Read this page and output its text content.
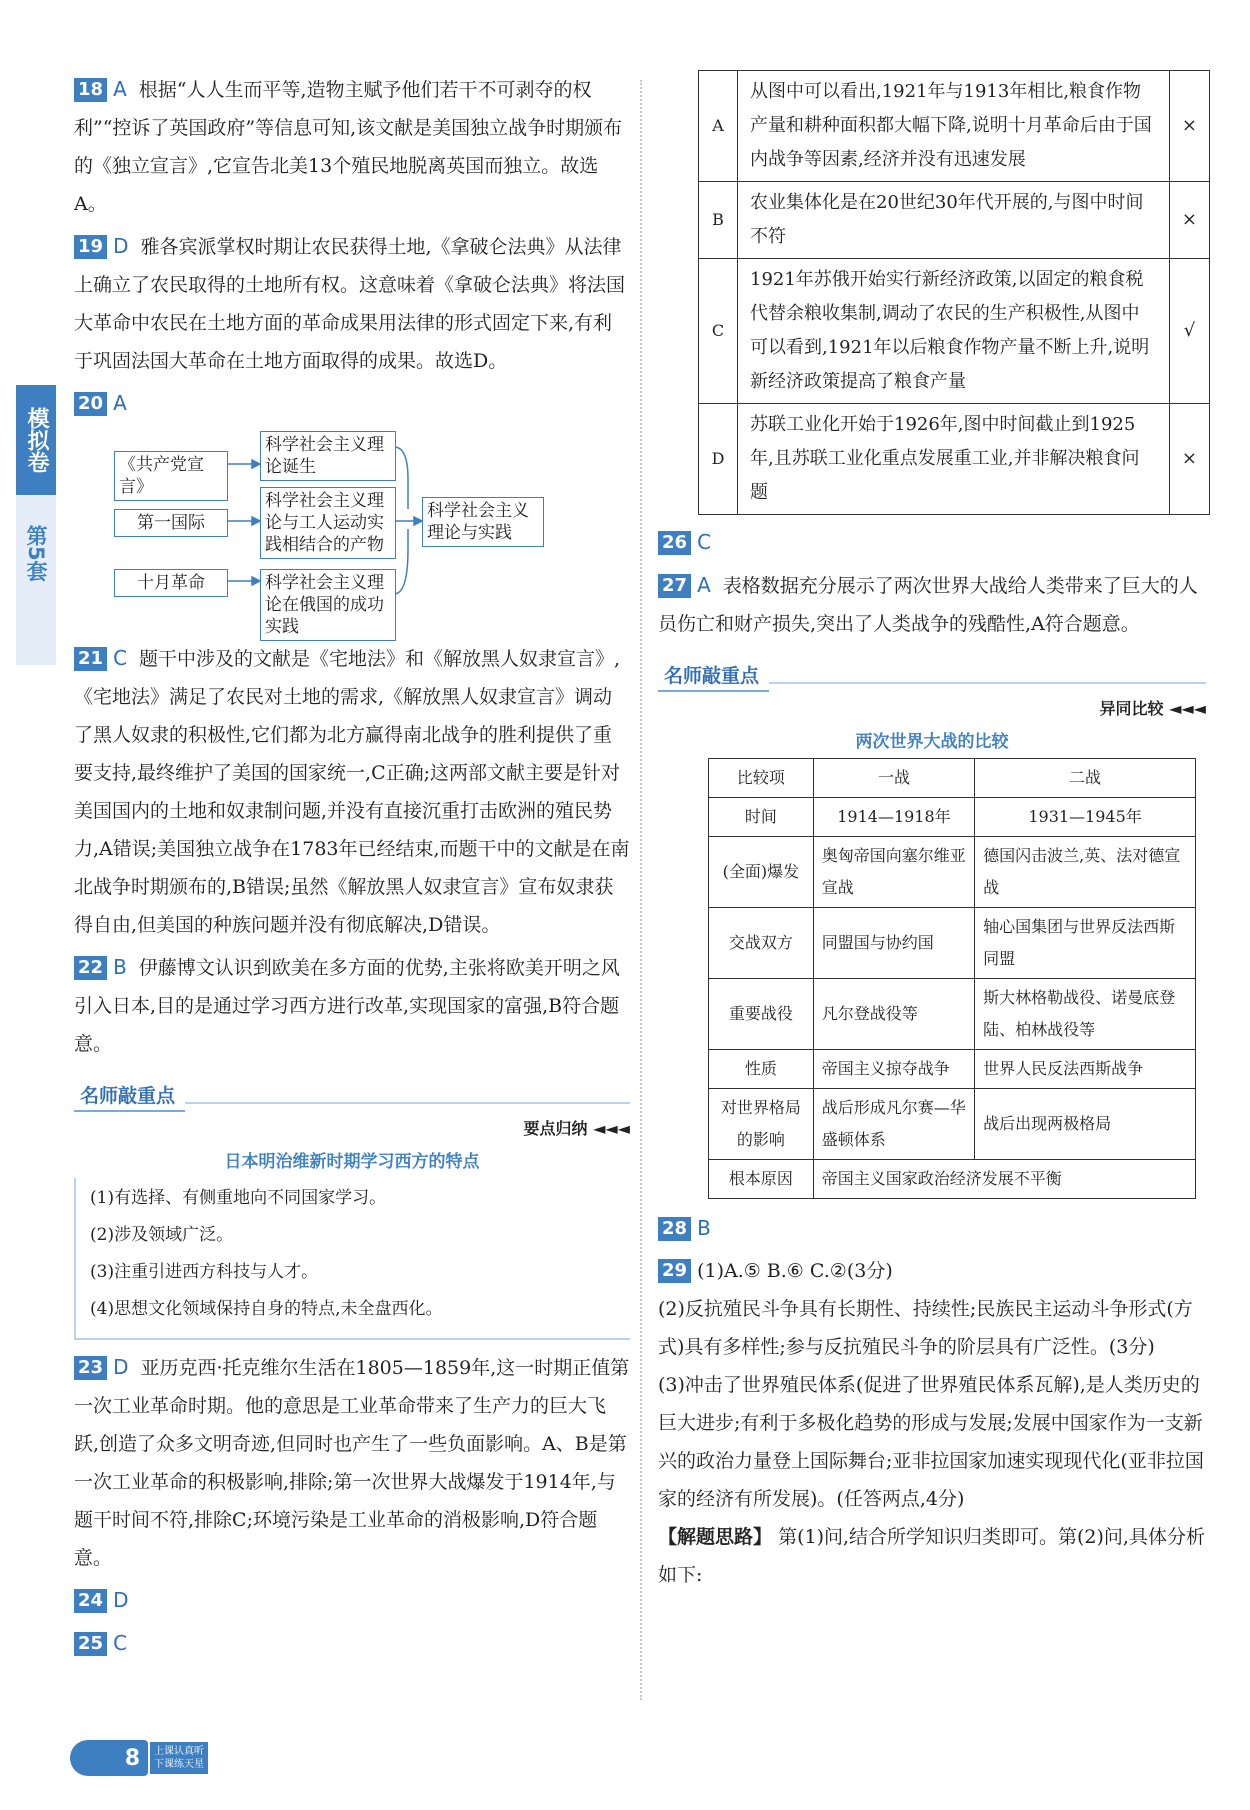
模拟卷
第5套
18 A 根据“人人生而平等,造物主赋予他们若干不可剥夺的权利”“控诉了英国政府”等信息可知,该文献是美国独立战争时期颁布的《独立宣言》,它宣告北美13个殖民地脱离英国而独立。故选A。
19 D 雅各宾派掌权时期让农民获得土地,《拿破仑法典》从法律上确立了农民取得的土地所有权。这意味着《拿破仑法典》将法国大革命中农民在土地方面的革命成果用法律的形式固定下来,有利于巩固法国大革命在土地方面取得的成果。故选D。
20 A
《共产党宣言》
第一国际
十月革命
科学社会主义理论诞生
科学社会主义理论与工人运动实践相结合的产物
科学社会主义理论在俄国的成功实践
科学社会主义理论与实践
21 C 题干中涉及的文献是《宅地法》和《解放黑人奴隶宣言》,《宅地法》满足了农民对土地的需求,《解放黑人奴隶宣言》调动了黑人奴隶的积极性,它们都为北方赢得南北战争的胜利提供了重要支持,最终维护了美国的国家统一,C正确;这两部文献主要是针对美国国内的土地和奴隶制问题,并没有直接沉重打击欧洲的殖民势力,A错误;美国独立战争在1783年已经结束,而题干中的文献是在南北战争时期颁布的,B错误;虽然《解放黑人奴隶宣言》宣布奴隶获得自由,但美国的种族问题并没有彻底解决,D错误。
22 B 伊藤博文认识到欧美在多方面的优势,主张将欧美开明之风引入日本,目的是通过学习西方进行改革,实现国家的富强,B符合题意。
名师敲重点
要点归纳 ◄◄◄
日本明治维新时期学习西方的特点
(1)有选择、有侧重地向不同国家学习。
(2)涉及领域广泛。
(3)注重引进西方科技与人才。
(4)思想文化领域保持自身的特点,未全盘西化。
23 D 亚历克西·托克维尔生活在1805—1859年,这一时期正值第一次工业革命时期。他的意思是工业革命带来了生产力的巨大飞跃,创造了众多文明奇迹,但同时也产生了一些负面影响。A、B是第一次工业革命的积极影响,排除;第一次世界大战爆发于1914年,与题干时间不符,排除C;环境污染是工业革命的消极影响,D符合题意。
24 D
25 C
A	从图中可以看出,1921年与1913年相比,粮食作物产量和耕种面积都大幅下降,说明十月革命后由于国内战争等因素,经济并没有迅速发展	×
B	农业集体化是在20世纪30年代开展的,与图中时间不符	×
C	1921年苏俄开始实行新经济政策,以固定的粮食税代替余粮收集制,调动了农民的生产积极性,从图中可以看到,1921年以后粮食作物产量不断上升,说明新经济政策提高了粮食产量	√
D	苏联工业化开始于1926年,图中时间截止到1925年,且苏联工业化重点发展重工业,并非解决粮食问题	×
26 C
27 A 表格数据充分展示了两次世界大战给人类带来了巨大的人员伤亡和财产损失,突出了人类战争的残酷性,A符合题意。
名师敲重点
异同比较 ◄◄◄
两次世界大战的比较
比较项	一战	二战
时间	1914—1918年	1931—1945年
(全面)爆发	奥匈帝国向塞尔维亚宣战	德国闪击波兰,英、法对德宣战
交战双方	同盟国与协约国	轴心国集团与世界反法西斯同盟
重要战役	凡尔登战役等	斯大林格勒战役、诺曼底登陆、柏林战役等
性质	帝国主义掠夺战争	世界人民反法西斯战争
对世界格局的影响	战后形成凡尔赛—华盛顿体系	战后出现两极格局
根本原因	帝国主义国家政治经济发展不平衡	
28 B
29 (1)A.⑤ B.⑥ C.②(3分)
(2)反抗殖民斗争具有长期性、持续性;民族民主运动斗争形式(方式)具有多样性;参与反抗殖民斗争的阶层具有广泛性。(3分)
(3)冲击了世界殖民体系(促进了世界殖民体系瓦解),是人类历史的巨大进步;有利于多极化趋势的形成与发展;发展中国家作为一支新兴的政治力量登上国际舞台;亚非拉国家加速实现现代化(亚非拉国家的经济有所发展)。(任答两点,4分)
【解题思路】 第(1)问,结合所学知识归类即可。第(2)问,具体分析如下:
8	上课认真听
下课练天星
